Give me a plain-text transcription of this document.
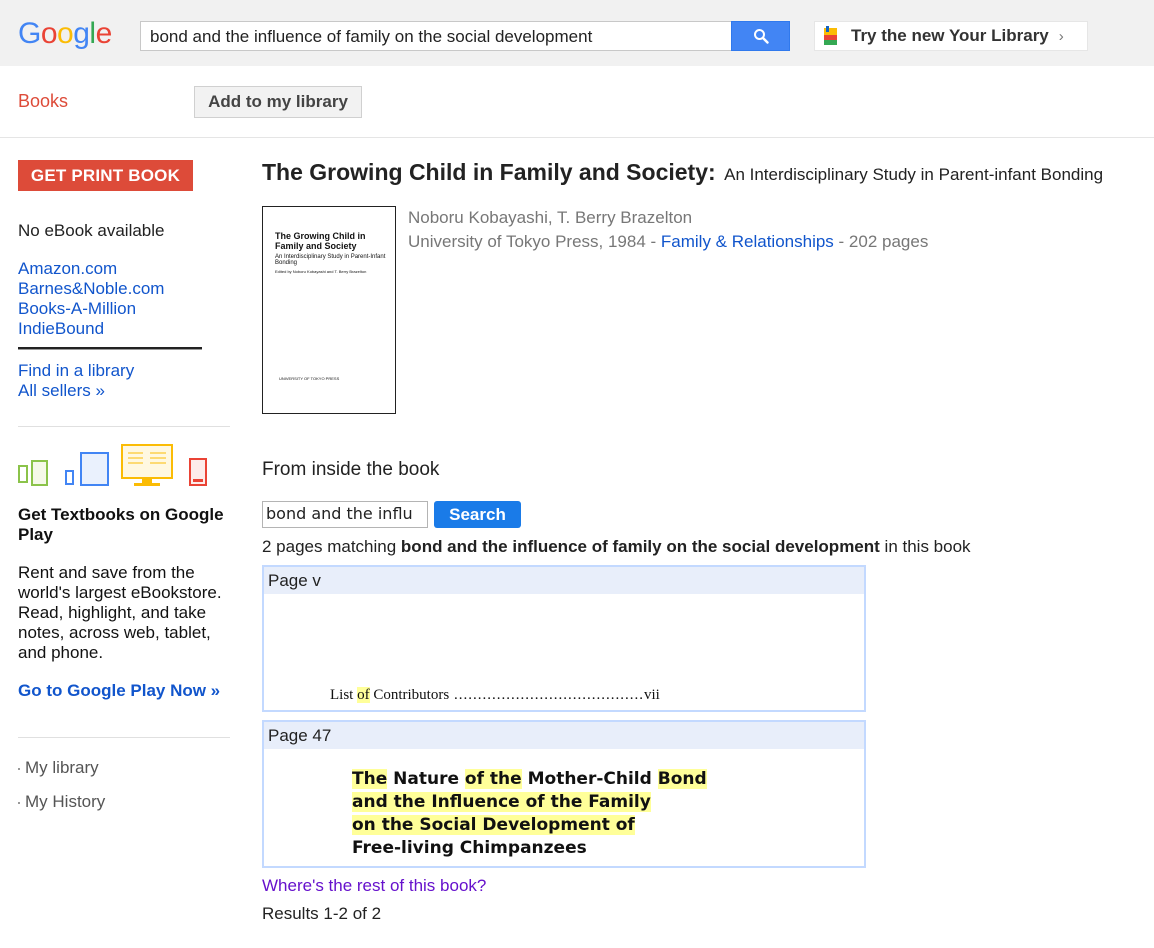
Google	bond and the influence of family on the social development	Try the new Your Library ›
Books	Add to my library
GET PRINT BOOK
No eBook available
Amazon.com
Barnes&Noble.com
Books-A-Million
IndieBound
Find in a library
All sellers »
Get Textbooks on Google Play
Rent and save from the world's largest eBookstore. Read, highlight, and take notes, across web, tablet, and phone.
Go to Google Play Now »
My library
My History
The Growing Child in Family and Society: An Interdisciplinary Study in Parent-infant Bonding
The Growing Child in Family and Society
An Interdisciplinary Study in Parent-Infant Bonding
Edited by Noboru Kobayashi and T. Berry Brazelton
UNIVERSITY OF TOKYO PRESS
Noboru Kobayashi, T. Berry Brazelton
University of Tokyo Press, 1984 - Family & Relationships - 202 pages
From inside the book
bond and the influ	Search
2 pages matching bond and the influence of family on the social development in this book
Page v
List of Contributors ........................................vii
Page 47
The Nature of the Mother-Child Bond
and the Influence of the Family
on the Social Development of
Free-living Chimpanzees
Where's the rest of this book?
Results 1-2 of 2
